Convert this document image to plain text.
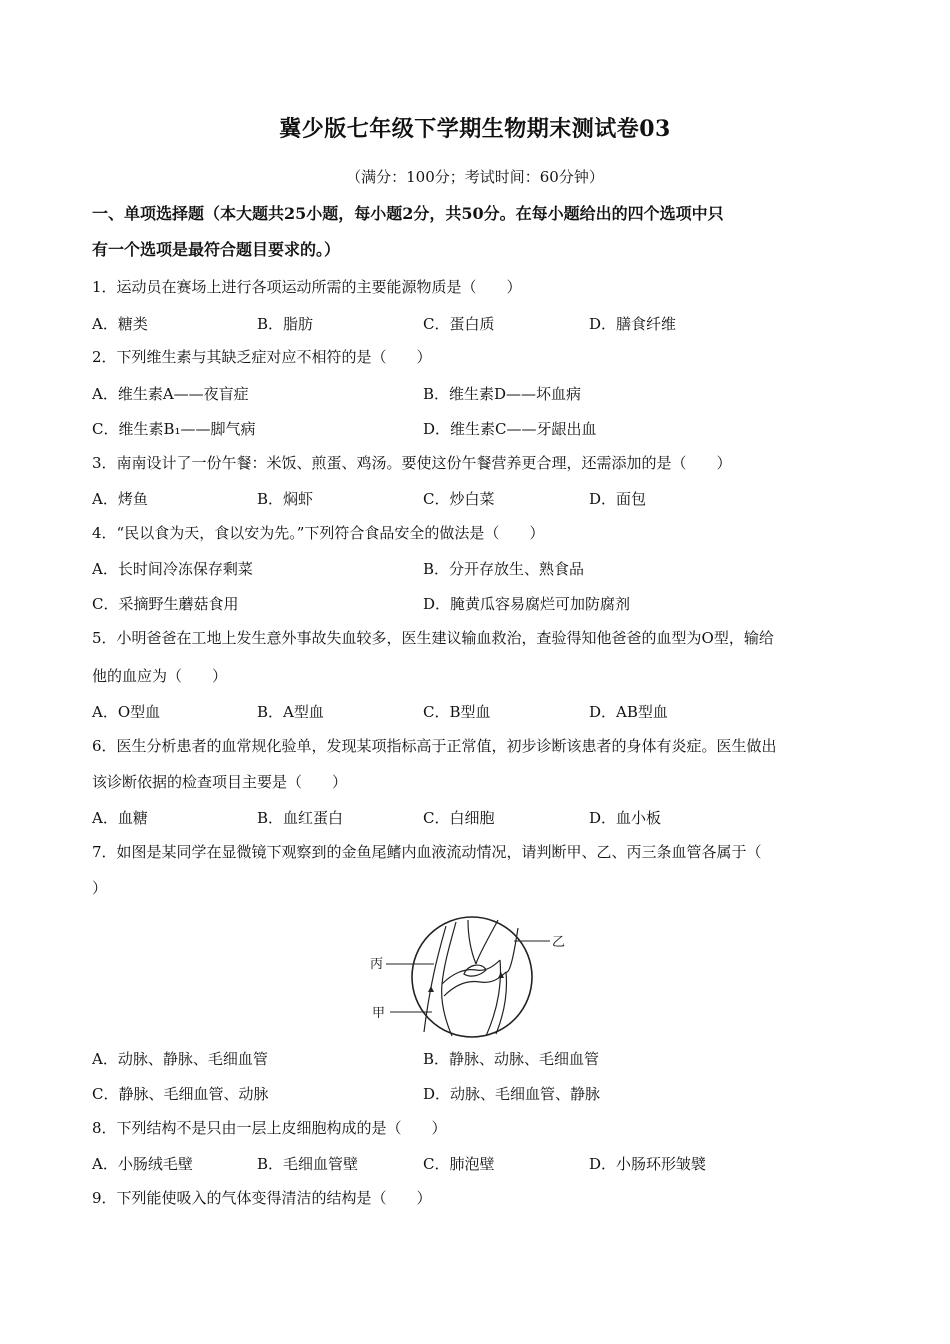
冀少版七年级下学期生物期末测试卷03
（满分：100分；考试时间：60分钟）
一、单项选择题（本大题共25小题，每小题2分，共50分。在每小题给出的四个选项中只
有一个选项是最符合题目要求的。）
1．运动员在赛场上进行各项运动所需的主要能源物质是（　　）
A．糖类	B．脂肪	C．蛋白质	D．膳食纤维
2．下列维生素与其缺乏症对应不相符的是（　　）
A．维生素A——夜盲症	B．维生素D——坏血病
C．维生素B₁——脚气病	D．维生素C——牙龈出血
3．南南设计了一份午餐：米饭、煎蛋、鸡汤。要使这份午餐营养更合理，还需添加的是（　　）
A．烤鱼	B．焖虾	C．炒白菜	D．面包
4．“民以食为天，食以安为先。”下列符合食品安全的做法是（　　）
A．长时间冷冻保存剩菜	B．分开存放生、熟食品
C．采摘野生蘑菇食用	D．腌黄瓜容易腐烂可加防腐剂
5．小明爸爸在工地上发生意外事故失血较多，医生建议输血救治，查验得知他爸爸的血型为O型，输给
他的血应为（　　）
A．O型血	B．A型血	C．B型血	D．AB型血
6．医生分析患者的血常规化验单，发现某项指标高于正常值，初步诊断该患者的身体有炎症。医生做出
该诊断依据的检查项目主要是（　　）
A．血糖	B．血红蛋白	C．白细胞	D．血小板
7．如图是某同学在显微镜下观察到的金鱼尾鳍内血液流动情况，请判断甲、乙、丙三条血管各属于（
）
丙
甲
乙
A．动脉、静脉、毛细血管	B．静脉、动脉、毛细血管
C．静脉、毛细血管、动脉	D．动脉、毛细血管、静脉
8．下列结构不是只由一层上皮细胞构成的是（　　）
A．小肠绒毛壁	B．毛细血管壁	C．肺泡壁	D．小肠环形皱襞
9．下列能使吸入的气体变得清洁的结构是（　　）
